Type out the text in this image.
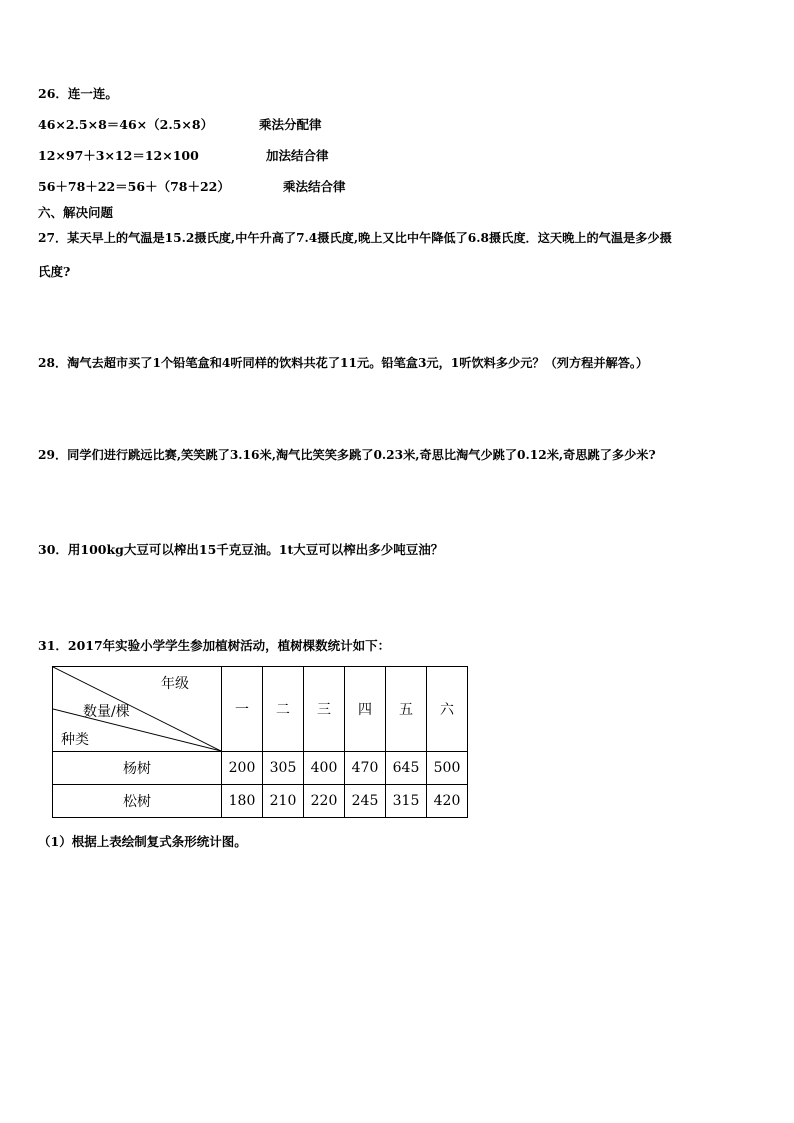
26．连一连。
46×2.5×8＝46×（2.5×8）	乘法分配律
12×97＋3×12＝12×100	加法结合律
56＋78＋22＝56＋（78＋22）	乘法结合律
六、解决问题
27．某天早上的气温是15.2摄氏度,中午升高了7.4摄氏度,晚上又比中午降低了6.8摄氏度．这天晚上的气温是多少摄
氏度?
28．淘气去超市买了1个铅笔盒和4听同样的饮料共花了11元。铅笔盒3元，1听饮料多少元？（列方程并解答。）
29．同学们进行跳远比赛,笑笑跳了3.16米,淘气比笑笑多跳了0.23米,奇思比淘气少跳了0.12米,奇思跳了多少米?
30．用100kg大豆可以榨出15千克豆油。1t大豆可以榨出多少吨豆油？
31．2017年实验小学学生参加植树活动，植树棵数统计如下：
年级
数量/棵
种类	一	二	三	四	五	六
杨树	200	305	400	470	645	500
松树	180	210	220	245	315	420
（1）根据上表绘制复式条形统计图。
